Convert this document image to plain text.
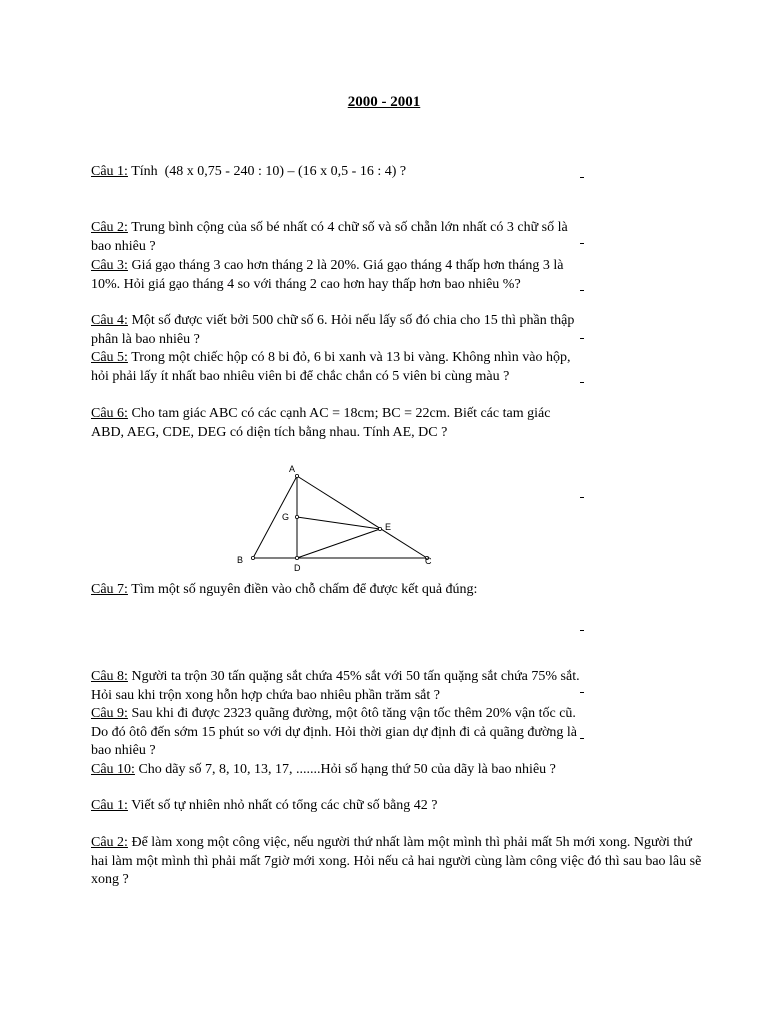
2000 - 2001

Câu 1: Tính  (48 x 0,75 - 240 : 10) – (16 x 0,5 - 16 : 4) ?

Câu 2: Trung bình cộng của số bé nhất có 4 chữ số và số chẵn lớn nhất có 3 chữ số là bao nhiêu ?

Câu 3: Giá gạo tháng 3 cao hơn tháng 2 là 20%. Giá gạo tháng 4 thấp hơn tháng 3 là 10%. Hỏi giá gạo tháng 4 so với tháng 2 cao hơn hay thấp hơn bao nhiêu %?

Câu 4: Một số được viết bởi 500 chữ số 6. Hỏi nếu lấy số đó chia cho 15 thì phần thập phân là bao nhiêu ?

Câu 5: Trong một chiếc hộp có 8 bi đỏ, 6 bi xanh và 13 bi vàng. Không nhìn vào hộp, hỏi phải lấy ít nhất bao nhiêu viên bi để chắc chắn có 5 viên bi cùng màu ?

Câu 6: Cho tam giác ABC có các cạnh AC = 18cm; BC = 22cm. Biết các tam giác ABD, AEG, CDE, DEG có diện tích bằng nhau. Tính AE, DC ?

A
B	C
D
E
G

Câu 7: Tìm một số nguyên điền vào chỗ chấm để được kết quả đúng:

Câu 8: Người ta trộn 30 tấn quặng sắt chứa 45% sắt với 50 tấn quặng sắt chứa 75% sắt.  Hỏi sau khi trộn xong hỗn hợp chứa bao nhiêu phần trăm sắt ?

Câu 9: Sau khi đi được 2323 quãng đường, một ôtô tăng vận tốc thêm 20% vận tốc cũ. Do đó ôtô đến sớm 15 phút so với dự định. Hỏi thời gian dự định đi cả quãng đường là bao nhiêu ?

Câu 10: Cho dãy số 7, 8, 10, 13, 17, .......Hỏi số hạng thứ 50 của dãy là bao nhiêu ?

Câu 1: Viết số tự nhiên nhỏ nhất có tổng các chữ số bằng 42 ?

Câu 2: Để làm xong một công việc, nếu người thứ nhất làm một mình thì phải mất 5h mới xong. Người thứ hai làm một mình thì phải mất 7giờ mới xong. Hỏi nếu cả hai người cùng làm công việc đó thì sau bao lâu sẽ xong ?
